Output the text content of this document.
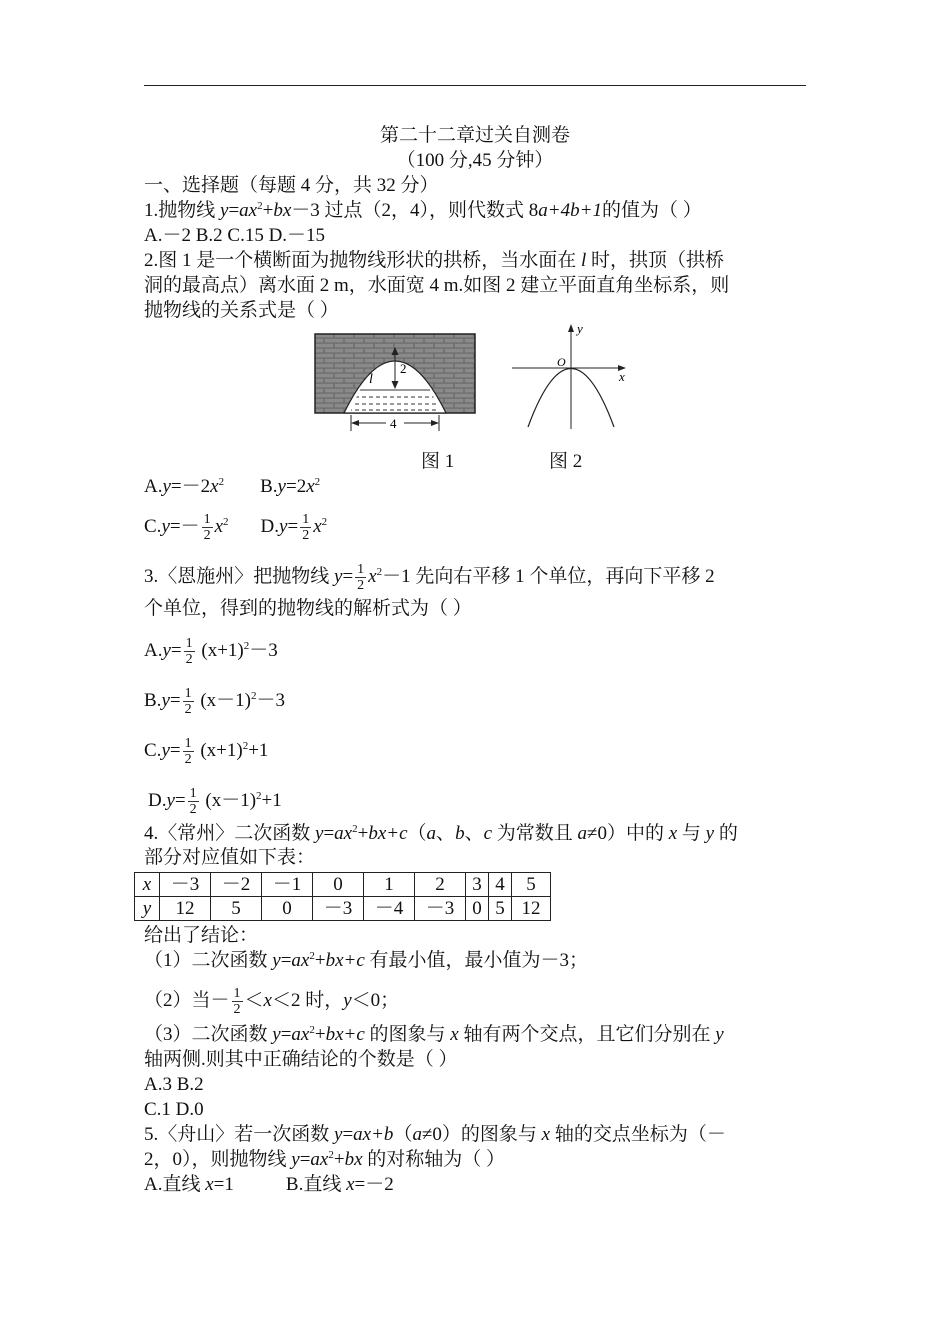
第二十二章过关自测卷
（100 分,45 分钟）
一、选择题（每题 4 分，共 32 分）
1.抛物线 $y=ax^2+bx-3$ 过点（2，4），则代数式 8a+4b+1的值为（ ）
A.－2 B.2 C.15 D.－15
2.图 1 是一个横断面为抛物线形状的拱桥，当水面在 l 时，拱顶（拱桥
洞的最高点）离水面 2 m，水面宽 4 m.如图 2 建立平面直角坐标系，则
抛物线的关系式是（ ）
2
l
4
y
O
x
图 1	图 2
$A.y=-2x^2$ $B.y=2x^2$
$C.y=- \frac{1}{2} x^2$ $D.y= \frac{1}{2} x^2$
3.〈恩施州〉把抛物线 $y= \frac{1}{2} x^2-1$ 先向右平移 1 个单位，再向下平移 2
个单位，得到的抛物线的解析式为（ ）
$A.y= \frac{1}{2} (x+1)^2-3$
$B.y= \frac{1}{2} (x-1)^2-3$
$C.y= \frac{1}{2} (x+1)^2+1$
$D.y= \frac{1}{2} (x-1)^2+1$
4.〈常州〉二次函数 $y=ax^2+bx+c(a$、b、c 为常数且 a≠0）中的 x 与 y 的
部分对应值如下表：
x	－3	－2	－1	0	1	2	3	4	5
y	12	5	0	－3	－4	－3	0	5	12
给出了结论：
（1）二次函数 $y=ax^2+bx+c$ 有最小值，最小值为－3；
（2）当－ $\frac{1}{2} <x<2$ 时，y＜0；
（3）二次函数 $y=ax^2+bx+c$ 的图象与 x 轴有两个交点，且它们分别在 y
轴两侧.则其中正确结论的个数是（ ）
A.3 B.2
C.1 D.0
5.〈舟山〉若一次函数 y=ax+b（a≠0）的图象与 x 轴的交点坐标为（－
2，0），则抛物线 $y=ax^2+bx$ 的对称轴为（ ）
A.直线 x=1	B.直线 x=－2
